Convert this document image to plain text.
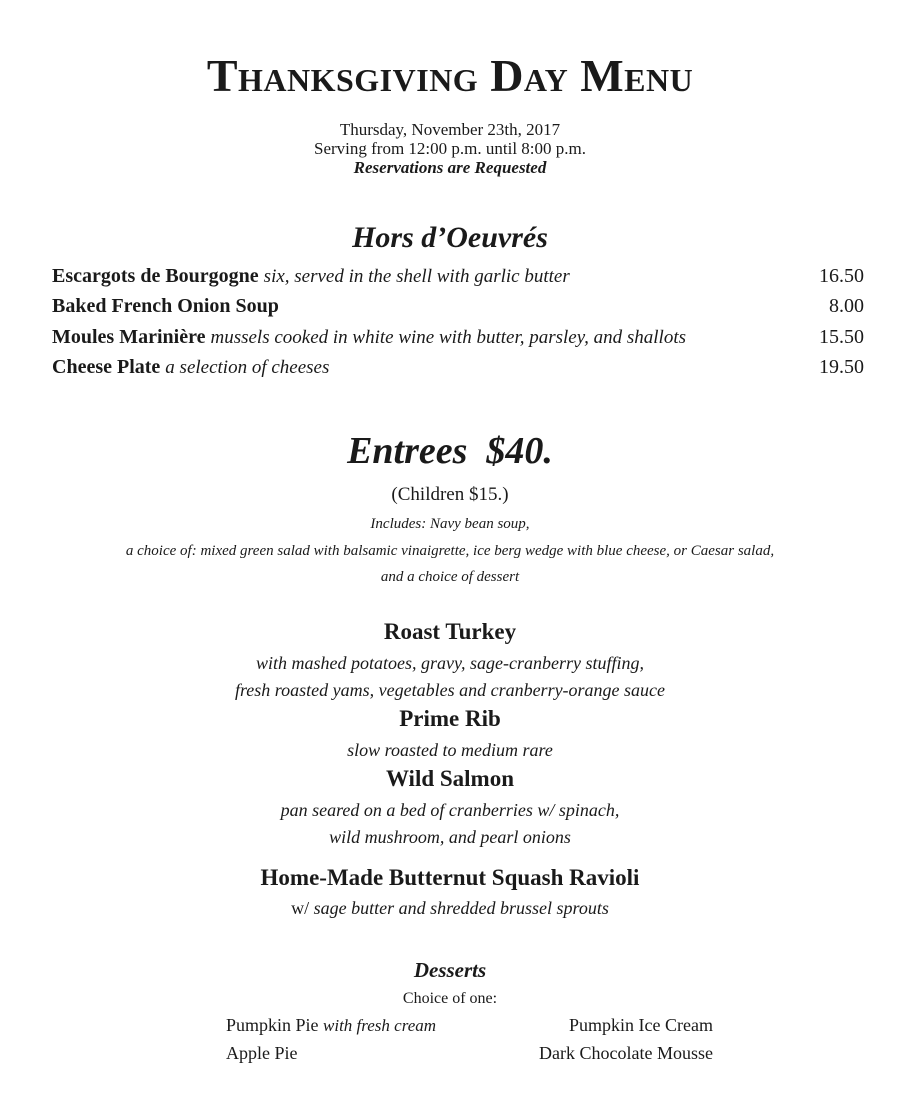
Thanksgiving Day Menu
Thursday, November 23th, 2017
Serving from 12:00 p.m. until 8:00 p.m.
Reservations are Requested
Hors d’Oeuvrés
Escargots de Bourgogne six, served in the shell with garlic butter	16.50
Baked French Onion Soup	8.00
Moules Marinière mussels cooked in white wine with butter, parsley, and shallots	15.50
Cheese Plate a selection of cheeses	19.50
Entrees  $40.
(Children $15.)
Includes: Navy bean soup,
a choice of: mixed green salad with balsamic vinaigrette, ice berg wedge with blue cheese, or Caesar salad,
and a choice of dessert
Roast Turkey
with mashed potatoes, gravy, sage-cranberry stuffing,
fresh roasted yams, vegetables and cranberry-orange sauce
Prime Rib
slow roasted to medium rare
Wild Salmon
pan seared on a bed of cranberries w/ spinach,
wild mushroom, and pearl onions
Home-Made Butternut Squash Ravioli
w/ sage butter and shredded brussel sprouts
Desserts
Choice of one:
Pumpkin Pie with fresh cream	Pumpkin Ice Cream
Apple Pie	Dark Chocolate Mousse
